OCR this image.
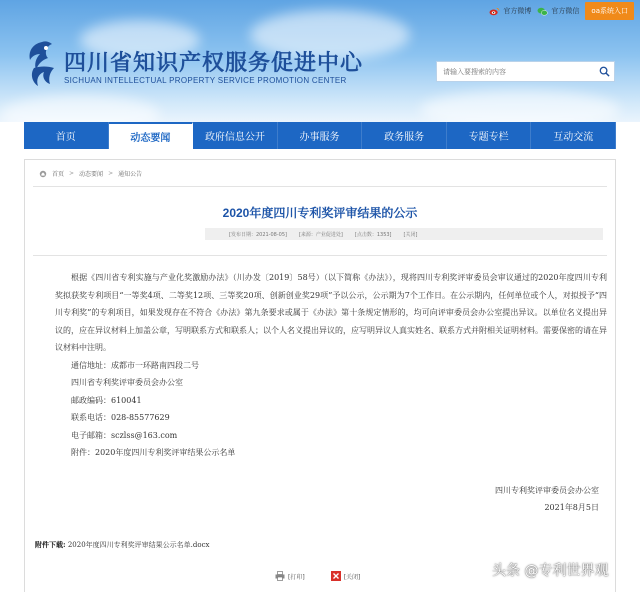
官方微博	官方微信	oa系统入口
四川省知识产权服务促进中心
SICHUAN INTELLECTUAL PROPERTY SERVICE PROMOTION CENTER
请输入要搜索的内容
首页	动态要闻	政府信息公开	办事服务	政务服务	专题专栏	互动交流
首页 > 动态要闻 > 通知公告
2020年度四川专利奖评审结果的公示
[发布日期：2021-08-05] [来源：产业促进处] [点击数：1353] [关闭]

根据《四川省专利实施与产业化奖激励办法》（川办发〔2019〕58号）（以下简称《办法》），现将四川专利奖评审委员会审议通过的2020年度四川专利奖拟获奖专利项目“一等奖4项、二等奖12项、三等奖20项、创新创业奖29项”予以公示，公示期为7个工作日。在公示期内，任何单位或个人，对拟授予“四川专利奖”的专利项目，如果发现存在不符合《办法》第九条要求或属于《办法》第十条规定情形的，均可向评审委员会办公室提出异议。以单位名义提出异议的，应在异议材料上加盖公章，写明联系方式和联系人；以个人名义提出异议的，应写明异议人真实姓名、联系方式并附相关证明材料。需要保密的请在异议材料中注明。

通信地址：成都市一环路南四段二号
四川省专利奖评审委员会办公室
邮政编码：610041
联系电话：028-85577629
电子邮箱：sczlss@163.com
附件：2020年度四川专利奖评审结果公示名单
四川专利奖评审委员会办公室
2021年8月5日
附件下载: 2020年度四川专利奖评审结果公示名单.docx
[打印]	[关闭]	头条 @专利世界观
